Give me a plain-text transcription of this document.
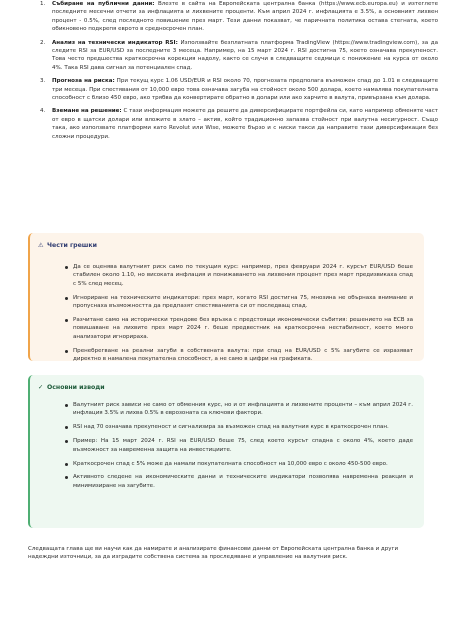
1. Събиране на публични данни: Влезте в сайта на Европейската централна банка (https://www.ecb.europa.eu) и изтеглете последните месечни отчети за инфлацията и лихвените проценти. Към април 2024 г. инфлацията е 3.5%, а основният лихвен процент - 0.5%, след последното повишение през март. Тези данни показват, че паричната политика остава стегната, което обикновено подкрепя еврото в средносрочен план.
2. Анализ на технически индикатор RSI: Използвайте безплатната платформа TradingView (https://www.tradingview.com), за да следите RSI за EUR/USD за последните 3 месеца. Например, на 15 март 2024 г. RSI достигна 75, което означава прекупеност. Това често предшества краткосрочна корекция надолу, както се случи в следващите седмици с понижение на курса от около 4%. Така RSI дава сигнал за потенциален спад.
3. Прогноза на риска: При текущ курс 1.06 USD/EUR и RSI около 70, прогнозата предполага възможен спад до 1.01 в следващите три месеца. При спестявания от 10,000 евро това означава загуба на стойност около 500 долара, което намалява покупателната способност с близо 450 евро, ако трябва да конвертирате обратно в долари или ако харчите в валута, привързана към долара.
4. Вземане на решение: С тази информация можете да решите да диверсифицирате портфейла си, като например обменяте част от евро в щатски долари или вложите в злато – актив, който традиционно запазва стойност при валутна несигурност. Също така, ако използвате платформи като Revolut или Wise, можете бързо и с ниски такси да направите тази диверсификация без сложни процедури.
⚠ Чести грешки
Да се оценява валутният риск само по текущия курс: например, през февруари 2024 г. курсът EUR/USD беше стабилен около 1.10, но високата инфлация и понижаването на лихвения процент през март предизвикаха спад с 5% след месец.
Игнориране на техническите индикатори: през март, когато RSI достигна 75, мнозина не обърнаха внимание и пропуснаха възможността да предпазят спестяванията си от последващ спад.
Разчитане само на исторически трендове без връзка с предстоящи икономически събития: решението на ECB за повишаване на лихвите през март 2024 г. беше предвестник на краткосрочна нестабилност, което много анализатори игнорираха.
Пренебрегване на реални загуби в собствената валута: при спад на EUR/USD с 5% загубите се изразяват директно в намалена покупателна способност, а не само в цифри на графиката.
✓ Основни изводи
Валутният риск зависи не само от обменния курс, но и от инфлацията и лихвените проценти – към април 2024 г. инфлация 3.5% и лихва 0.5% в еврозоната са ключови фактори.
RSI над 70 означава прекупеност и сигнализира за възможен спад на валутния курс в краткосрочен план.
Пример: На 15 март 2024 г. RSI на EUR/USD беше 75, след което курсът спадна с около 4%, което даде възможност за навременна защита на инвестициите.
Краткосрочен спад с 5% може да намали покупателната способност на 10,000 евро с около 450-500 евро.
Активното следене на икономическите данни и техническите индикатори позволява навременна реакция и минимизиране на загубите.

Следващата глава ще ви научи как да намирате и анализирате финансови данни от Европейската централна банка и други надеждни източници, за да изградите собствена система за проследяване и управление на валутния риск.
